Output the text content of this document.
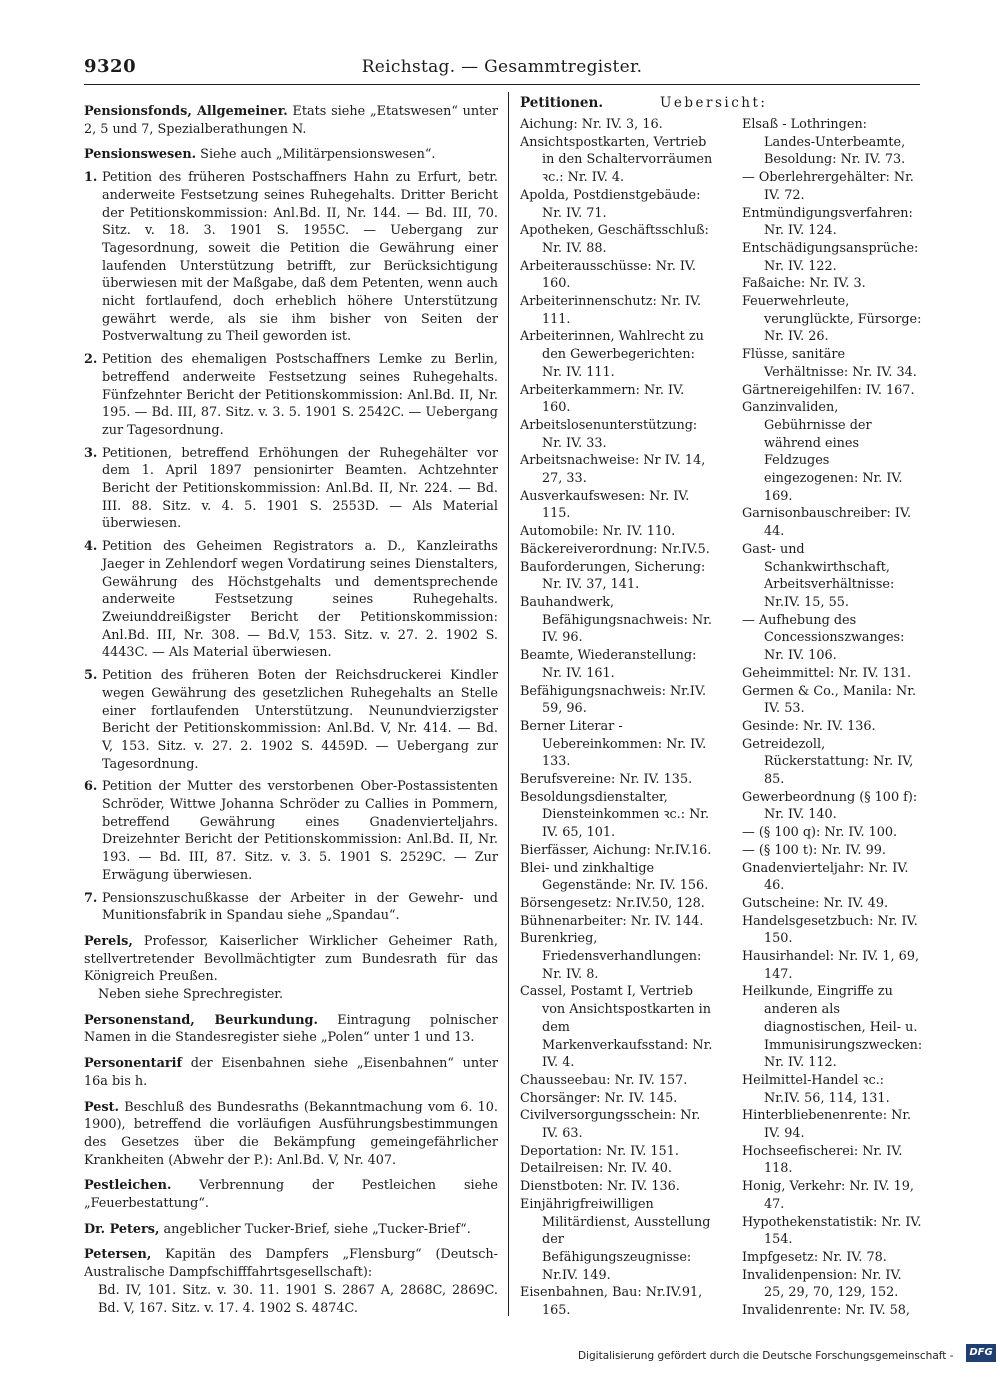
9320	Reichstag. — Gesammtregister.
Pensionsfonds, Allgemeiner. Etats siehe „Etatswesen“ unter 2, 5 und 7, Spezialberathungen N.
Pensionswesen. Siehe auch „Militärpensionswesen“.
1. Petition des früheren Postschaffners Hahn zu Erfurt, betr. anderweite Festsetzung seines Ruhegehalts. Dritter Bericht der Petitionskommission: Anl.Bd. II, Nr. 144. — Bd. III, 70. Sitz. v. 18. 3. 1901 S. 1955C. — Uebergang zur Tagesordnung, soweit die Petition die Gewährung einer laufenden Unterstützung betrifft, zur Berücksichtigung überwiesen mit der Maßgabe, daß dem Petenten, wenn auch nicht fortlaufend, doch erheblich höhere Unterstützung gewährt werde, als sie ihm bisher von Seiten der Postverwaltung zu Theil geworden ist.
2. Petition des ehemaligen Postschaffners Lemke zu Berlin, betreffend anderweite Festsetzung seines Ruhegehalts. Fünfzehnter Bericht der Petitionskommission: Anl.Bd. II, Nr. 195. — Bd. III, 87. Sitz. v. 3. 5. 1901 S. 2542C. — Uebergang zur Tagesordnung.
3. Petitionen, betreffend Erhöhungen der Ruhegehälter vor dem 1. April 1897 pensionirter Beamten. Achtzehnter Bericht der Petitionskommission: Anl.Bd. II, Nr. 224. — Bd. III. 88. Sitz. v. 4. 5. 1901 S. 2553D. — Als Material überwiesen.
4. Petition des Geheimen Registrators a. D., Kanzleiraths Jaeger in Zehlendorf wegen Vordatirung seines Dienstalters, Gewährung des Höchstgehalts und dementsprechende anderweite Festsetzung seines Ruhegehalts. Zweiunddreißigster Bericht der Petitionskommission: Anl.Bd. III, Nr. 308. — Bd.V, 153. Sitz. v. 27. 2. 1902 S. 4443C. — Als Material überwiesen.
5. Petition des früheren Boten der Reichsdruckerei Kindler wegen Gewährung des gesetzlichen Ruhegehalts an Stelle einer fortlaufenden Unterstützung. Neunundvierzigster Bericht der Petitionskommission: Anl.Bd. V, Nr. 414. — Bd. V, 153. Sitz. v. 27. 2. 1902 S. 4459D. — Uebergang zur Tagesordnung.
6. Petition der Mutter des verstorbenen Ober-Postassistenten Schröder, Wittwe Johanna Schröder zu Callies in Pommern, betreffend Gewährung eines Gnadenvierteljahrs. Dreizehnter Bericht der Petitionskommission: Anl.Bd. II, Nr. 193. — Bd. III, 87. Sitz. v. 3. 5. 1901 S. 2529C. — Zur Erwägung überwiesen.
7. Pensionszuschußkasse der Arbeiter in der Gewehr- und Munitionsfabrik in Spandau siehe „Spandau“.
Perels, Professor, Kaiserlicher Wirklicher Geheimer Rath, stellvertretender Bevollmächtigter zum Bundesrath für das Königreich Preußen.
Neben siehe Sprechregister.
Personenstand, Beurkundung. Eintragung polnischer Namen in die Standesregister siehe „Polen“ unter 1 und 13.
Personentarif der Eisenbahnen siehe „Eisenbahnen“ unter 16a bis h.
Pest. Beschluß des Bundesraths (Bekanntmachung vom 6. 10. 1900), betreffend die vorläufigen Ausführungsbestimmungen des Gesetzes über die Bekämpfung gemeingefährlicher Krankheiten (Abwehr der P.): Anl.Bd. V, Nr. 407.
Pestleichen. Verbrennung der Pestleichen siehe „Feuerbestattung“.
Dr. Peters, angeblicher Tucker-Brief, siehe „Tucker-Brief“.
Petersen, Kapitän des Dampfers „Flensburg“ (Deutsch-Australische Dampfschifffahrtsgesellschaft):
Bd. IV, 101. Sitz. v. 30. 11. 1901 S. 2867 A, 2868C, 2869C. Bd. V, 167. Sitz. v. 17. 4. 1902 S. 4874C.
Petitionen.	Uebersicht:
Aichung: Nr. IV. 3, 16.
Ansichtspostkarten, Vertrieb in den Schaltervorräumen ꝛc.: Nr. IV. 4.
Apolda, Postdienstgebäude: Nr. IV. 71.
Apotheken, Geschäftsschluß: Nr. IV. 88.
Arbeiterausschüsse: Nr. IV. 160.
Arbeiterinnenschutz: Nr. IV. 111.
Arbeiterinnen, Wahlrecht zu den Gewerbegerichten: Nr. IV. 111.
Arbeiterkammern: Nr. IV. 160.
Arbeitslosenunterstützung: Nr. IV. 33.
Arbeitsnachweise: Nr IV. 14, 27, 33.
Ausverkaufswesen: Nr. IV. 115.
Automobile: Nr. IV. 110.
Bäckereiverordnung: Nr.IV.5.
Bauforderungen, Sicherung: Nr. IV. 37, 141.
Bauhandwerk, Befähigungsnachweis: Nr. IV. 96.
Beamte, Wiederanstellung: Nr. IV. 161.
Befähigungsnachweis: Nr.IV. 59, 96.
Berner Literar - Uebereinkommen: Nr. IV. 133.
Berufsvereine: Nr. IV. 135.
Besoldungsdienstalter, Diensteinkommen ꝛc.: Nr. IV. 65, 101.
Bierfässer, Aichung: Nr.IV.16.
Blei- und zinkhaltige Gegenstände: Nr. IV. 156.
Börsengesetz: Nr.IV.50, 128.
Bühnenarbeiter: Nr. IV. 144.
Burenkrieg, Friedensverhandlungen: Nr. IV. 8.
Cassel, Postamt I, Vertrieb von Ansichtspostkarten in dem Markenverkaufsstand: Nr. IV. 4.
Chausseebau: Nr. IV. 157.
Chorsänger: Nr. IV. 145.
Civilversorgungsschein: Nr. IV. 63.
Deportation: Nr. IV. 151.
Detailreisen: Nr. IV. 40.
Dienstboten: Nr. IV. 136.
Einjährigfreiwilligen Militärdienst, Ausstellung der Befähigungszeugnisse: Nr.IV. 149.
Eisenbahnen, Bau: Nr.IV.91, 165.
Elsaß - Lothringen: Landes-Unterbeamte, Besoldung: Nr. IV. 73.
— Oberlehrergehälter: Nr. IV. 72.
Entmündigungsverfahren: Nr. IV. 124.
Entschädigungsansprüche: Nr. IV. 122.
Faßaiche: Nr. IV. 3.
Feuerwehrleute, verunglückte, Fürsorge: Nr. IV. 26.
Flüsse, sanitäre Verhältnisse: Nr. IV. 34.
Gärtnereigehilfen: IV. 167.
Ganzinvaliden, Gebührnisse der während eines Feldzuges eingezogenen: Nr. IV. 169.
Garnisonbauschreiber: IV. 44.
Gast- und Schankwirthschaft, Arbeitsverhältnisse: Nr.IV. 15, 55.
— Aufhebung des Concessionszwanges: Nr. IV. 106.
Geheimmittel: Nr. IV. 131.
Germen & Co., Manila: Nr. IV. 53.
Gesinde: Nr. IV. 136.
Getreidezoll, Rückerstattung: Nr. IV, 85.
Gewerbeordnung (§ 100 f): Nr. IV. 140.
— (§ 100 q): Nr. IV. 100.
— (§ 100 t): Nr. IV. 99.
Gnadenvierteljahr: Nr. IV. 46.
Gutscheine: Nr. IV. 49.
Handelsgesetzbuch: Nr. IV. 150.
Hausirhandel: Nr. IV. 1, 69, 147.
Heilkunde, Eingriffe zu anderen als diagnostischen, Heil- u. Immunisirungszwecken: Nr. IV. 112.
Heilmittel-Handel ꝛc.: Nr.IV. 56, 114, 131.
Hinterbliebenenrente: Nr. IV. 94.
Hochseefischerei: Nr. IV. 118.
Honig, Verkehr: Nr. IV. 19, 47.
Hypothekenstatistik: Nr. IV. 154.
Impfgesetz: Nr. IV. 78.
Invalidenpension: Nr. IV. 25, 29, 70, 129, 152.
Invalidenrente: Nr. IV. 58,
Digitalisierung gefördert durch die Deutsche Forschungsgemeinschaft -	DFG
